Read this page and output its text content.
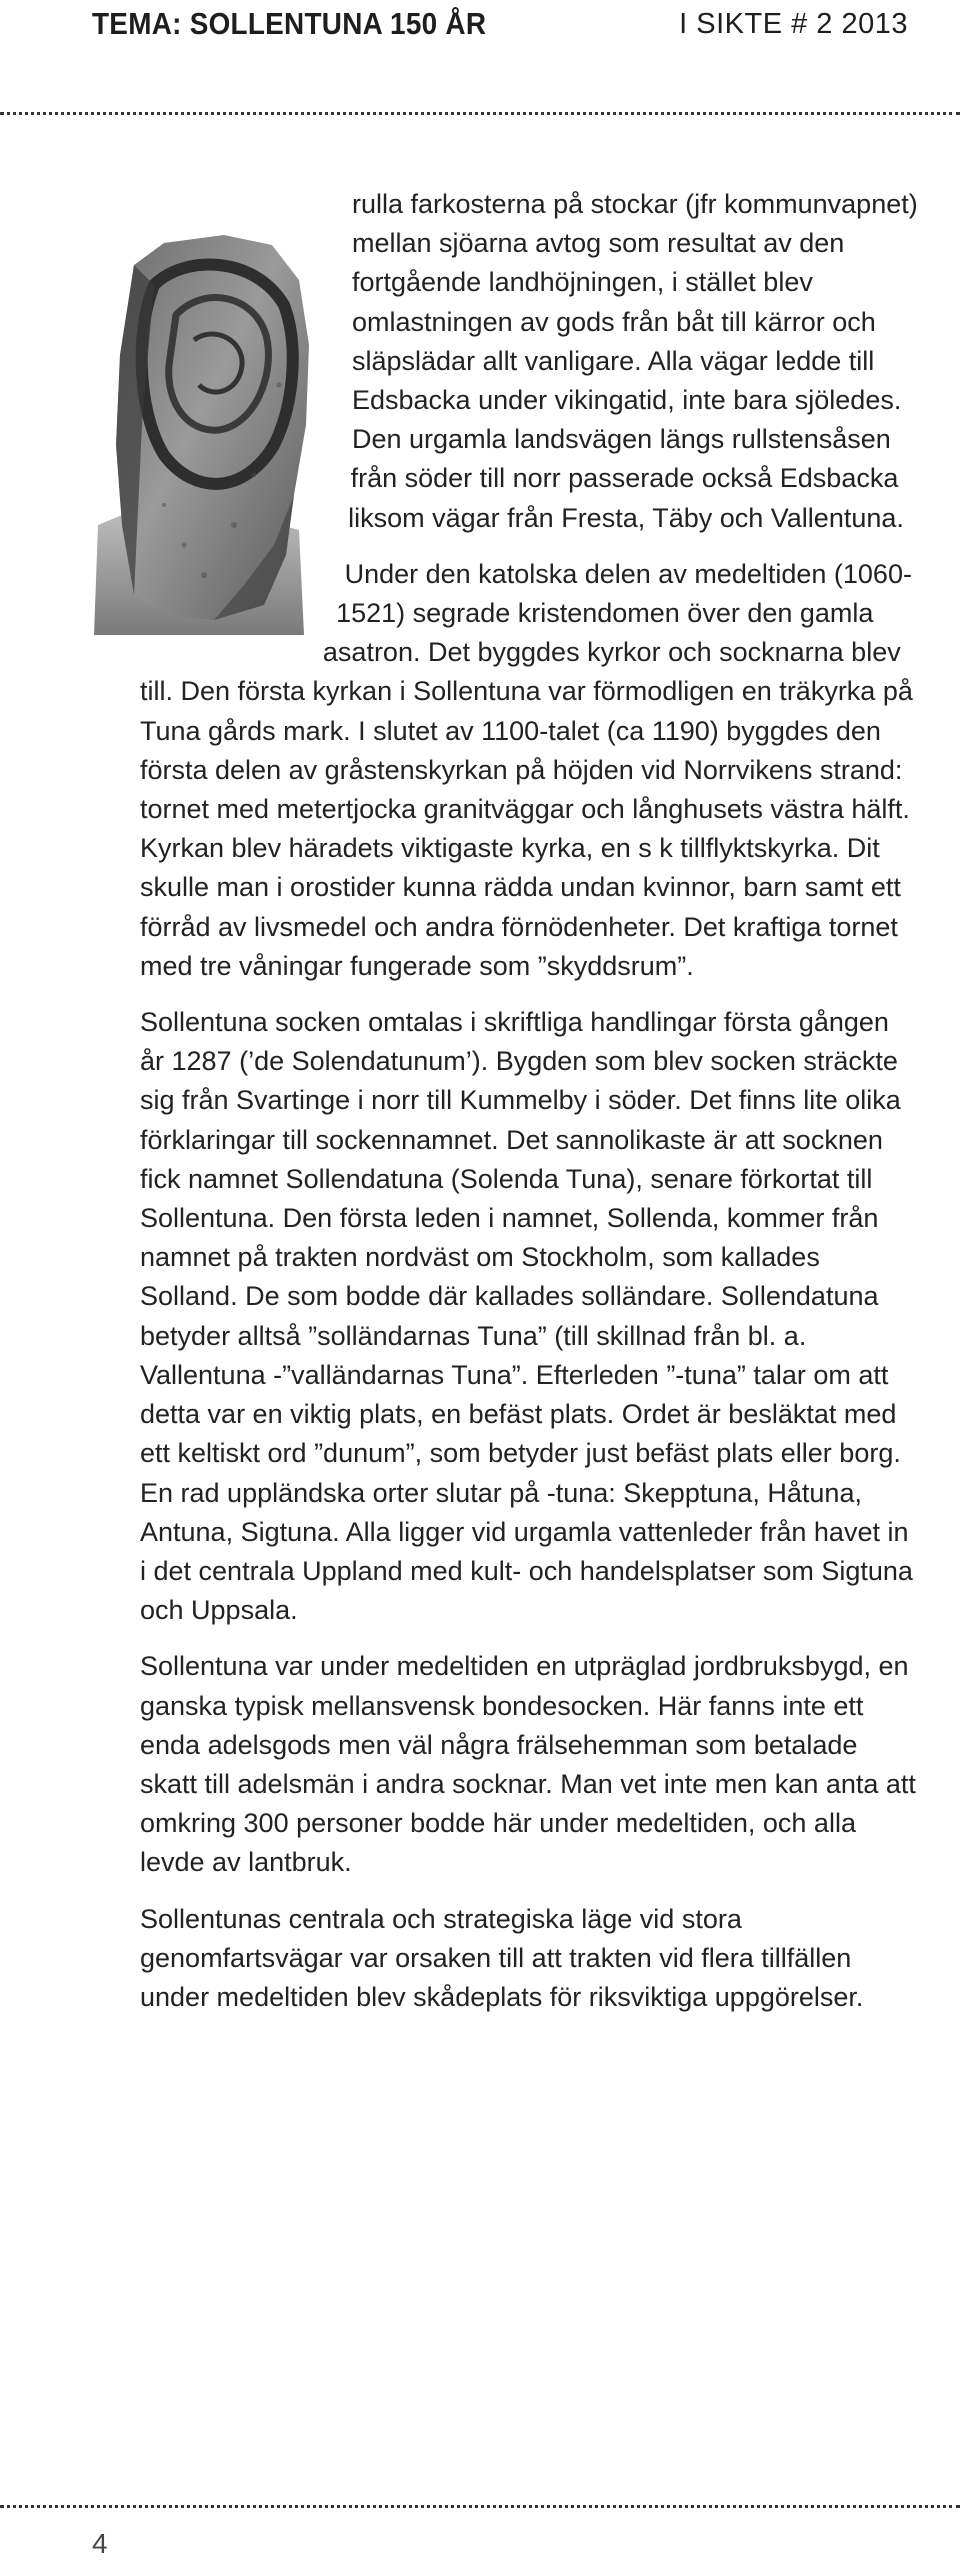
TEMA: SOLLENTUNA 150 ÅR	I SIKTE # 2 2013

rulla farkosterna på stockar (jfr kommunvapnet) mellan sjöarna avtog som resultat av den fortgående landhöjningen, i stället blev omlastningen av gods från båt till kärror och släpslädar allt vanligare. Alla vägar ledde till Edsbacka under vikingatid, inte bara sjöledes. Den urgamla landsvägen längs rullstensåsen från söder till norr passerade också Edsbacka liksom vägar från Fresta, Täby och Vallentuna.

Under den katolska delen av medeltiden (1060-1521) segrade kristendomen över den gamla asatron. Det byggdes kyrkor och socknarna blev till. Den första kyrkan i Sollentuna var förmodligen en träkyrka på Tuna gårds mark. I slutet av 1100-talet (ca 1190) byggdes den första delen av gråstenskyrkan på höjden vid Norrvikens strand: tornet med metertjocka granitväggar och långhusets västra hälft. Kyrkan blev häradets viktigaste kyrka, en s k tillflyktskyrka. Dit skulle man i orostider kunna rädda undan kvinnor, barn samt ett förråd av livsmedel och andra förnödenheter. Det kraftiga tornet med tre våningar fungerade som ”skyddsrum”.

Sollentuna socken omtalas i skriftliga handlingar första gången år 1287 (’de Solendatunum’). Bygden som blev socken sträckte sig från Svartinge i norr till Kummelby i söder. Det finns lite olika förklaringar till sockennamnet. Det sannolikaste är att socknen fick namnet Sollendatuna (Solenda Tuna), senare förkortat till Sollentuna. Den första leden i namnet, Sollenda, kommer från namnet på trakten nordväst om Stockholm, som kallades Solland. De som bodde där kallades solländare. Sollendatuna betyder alltså ”solländarnas Tuna” (till skillnad från bl. a. Vallentuna -”valländarnas Tuna”. Efterleden ”-tuna” talar om att detta var en viktig plats, en befäst plats. Ordet är besläktat med ett keltiskt ord ”dunum”, som betyder just befäst plats eller borg. En rad uppländska orter slutar på -tuna: Skepptuna, Håtuna, Antuna, Sigtuna. Alla ligger vid urgamla vattenleder från havet in i det centrala Uppland med kult- och handelsplatser som Sigtuna och Uppsala.

Sollentuna var under medeltiden en utpräglad jordbruksbygd, en ganska typisk mellansvensk bondesocken. Här fanns inte ett enda adelsgods men väl några frälsehemman som betalade skatt till adelsmän i andra socknar. Man vet inte men kan anta att omkring 300 personer bodde här under medeltiden, och alla levde av lantbruk.

Sollentunas centrala och strategiska läge vid stora genomfartsvägar var orsaken till att trakten vid flera tillfällen under medeltiden blev skådeplats för riksviktiga uppgörelser.

4
